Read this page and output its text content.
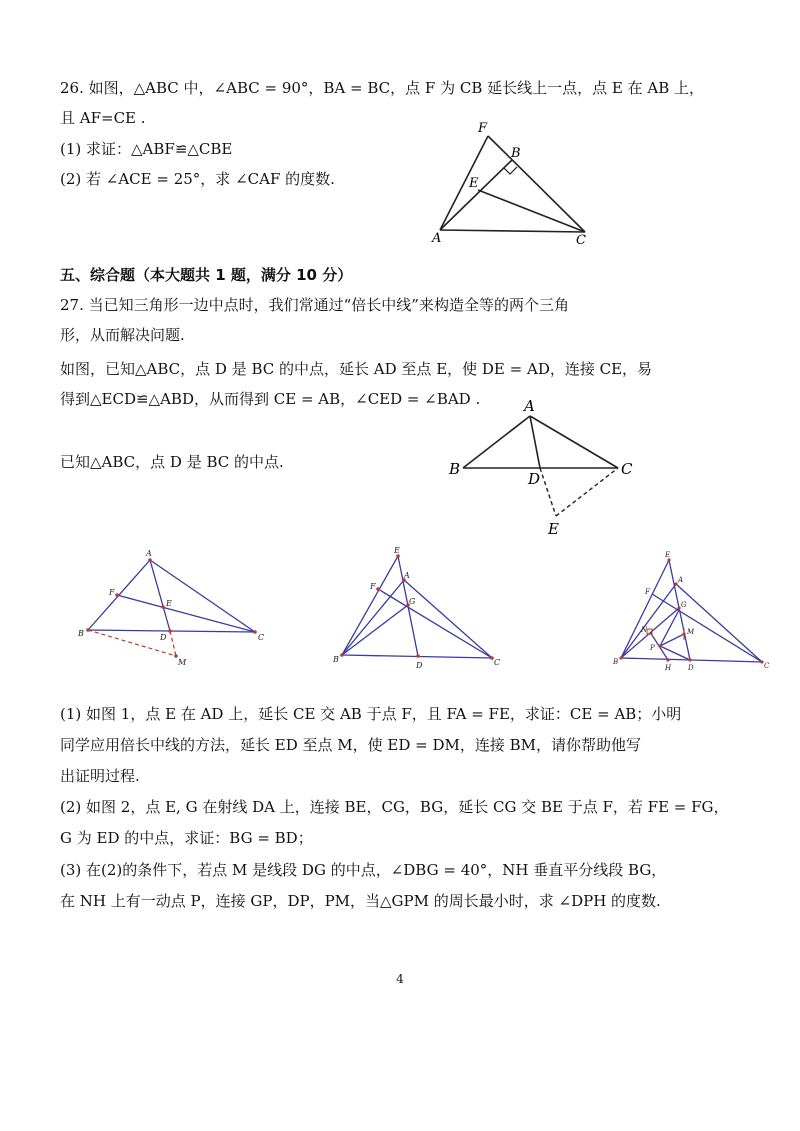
26. 如图，△ABC 中，∠ABC = 90°，BA = BC，点 F 为 CB 延长线上一点，点 E 在 AB 上，
且 AF=CE .
(1) 求证：△ABF≌△CBE
(2) 若 ∠ACE = 25°，求 ∠CAF 的度数.
F
B
E
A	C
五、综合题（本大题共 1 题，满分 10 分）
27. 当已知三角形一边中点时，我们常通过“倍长中线”来构造全等的两个三角
形，从而解决问题.
如图，已知△ABC，点 D 是 BC 的中点，延长 AD 至点 E，使 DE = AD，连接 CE，易
得到△ECD≌△ABD，从而得到 CE = AB，∠CED = ∠BAD .
已知△ABC，点 D 是 BC 的中点.
A
B	C
D
E
A
F
E
B	D	C
M
E
A
F
G
B
D	C
E
A
F
G
N	M
P
B
H D	C
(1) 如图 1，点 E 在 AD 上，延长 CE 交 AB 于点 F，且 FA = FE，求证：CE = AB；小明
同学应用倍长中线的方法，延长 ED 至点 M，使 ED = DM，连接 BM，请你帮助他写
出证明过程.
(2) 如图 2，点 E, G 在射线 DA 上，连接 BE，CG，BG，延长 CG 交 BE 于点 F，若 FE = FG，
G 为 ED 的中点，求证：BG = BD；
(3) 在(2)的条件下，若点 M 是线段 DG 的中点，∠DBG = 40°，NH 垂直平分线段 BG，
在 NH 上有一动点 P，连接 GP，DP，PM，当△GPM 的周长最小时，求 ∠DPH 的度数.
4
